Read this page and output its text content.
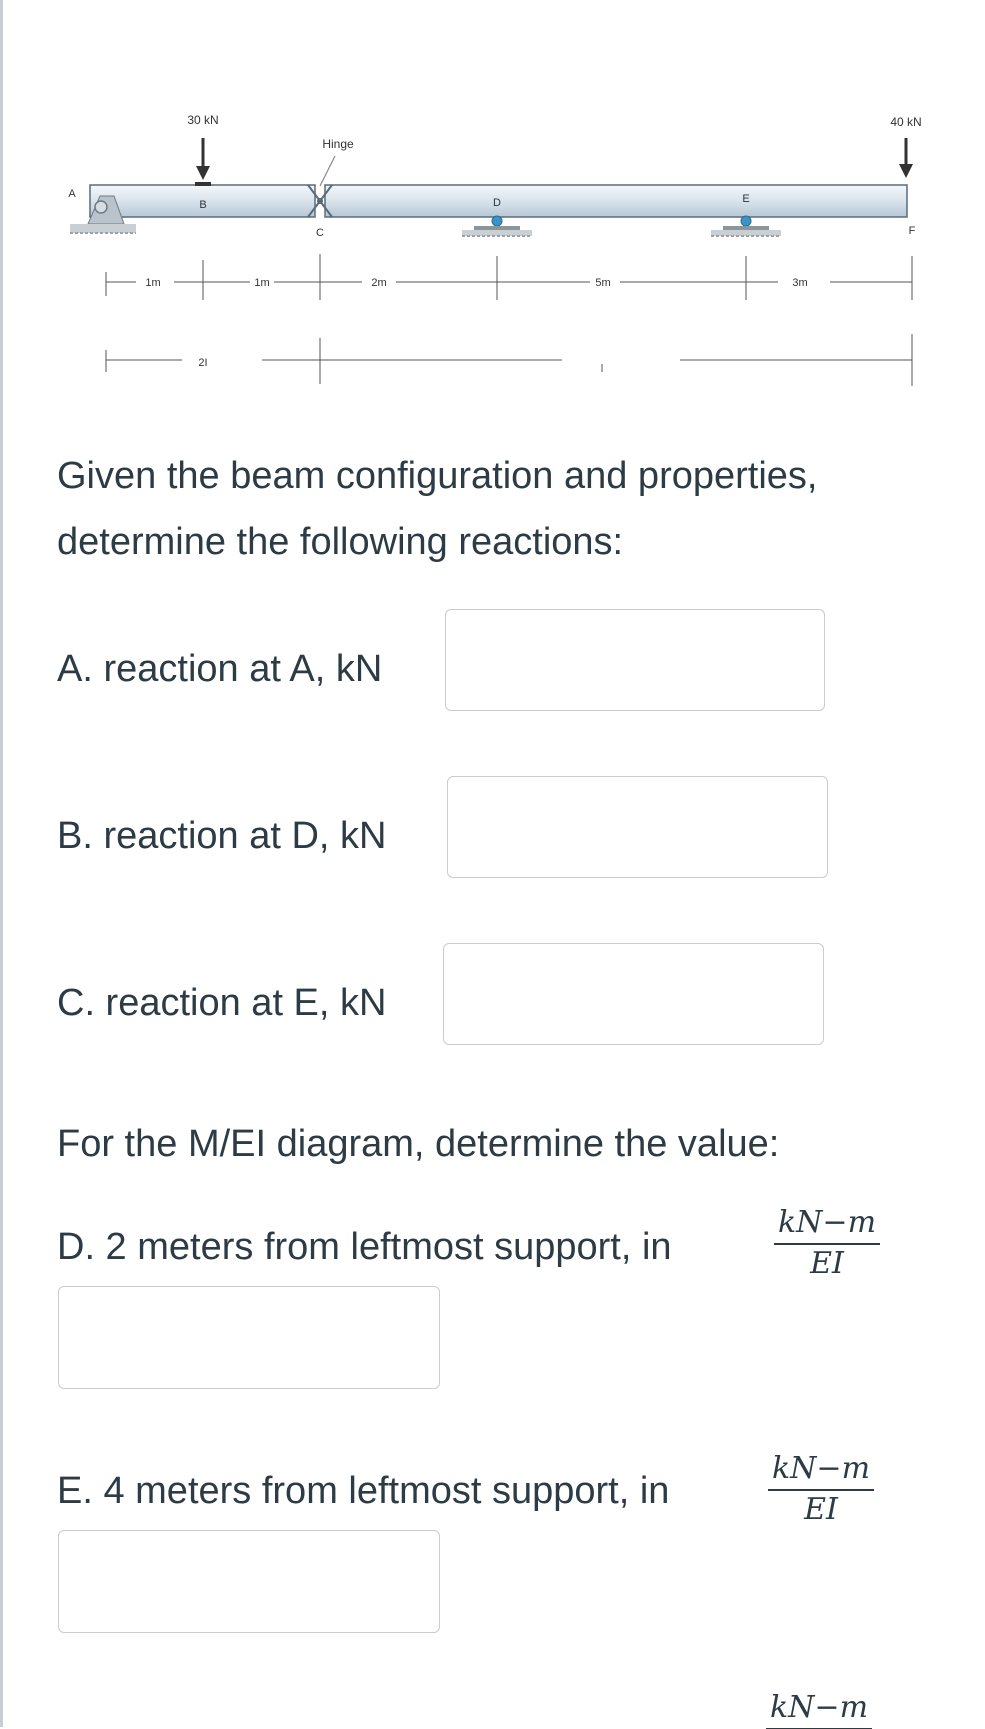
30 kN	40 kN
Hinge
A
B
C
D	E
F
1m	1m	2m	5m	3m
2I

Given the beam configuration and properties,

determine the following reactions:

A. reaction at A, kN
B. reaction at D, kN
C. reaction at E, kN

For the M/EI diagram, determine the value:

D. 2 meters from leftmost support, in	$\frac{kN-m}{EI}$
E. 4 meters from leftmost support, in	$\frac{kN-m}{EI}$
kN−m
